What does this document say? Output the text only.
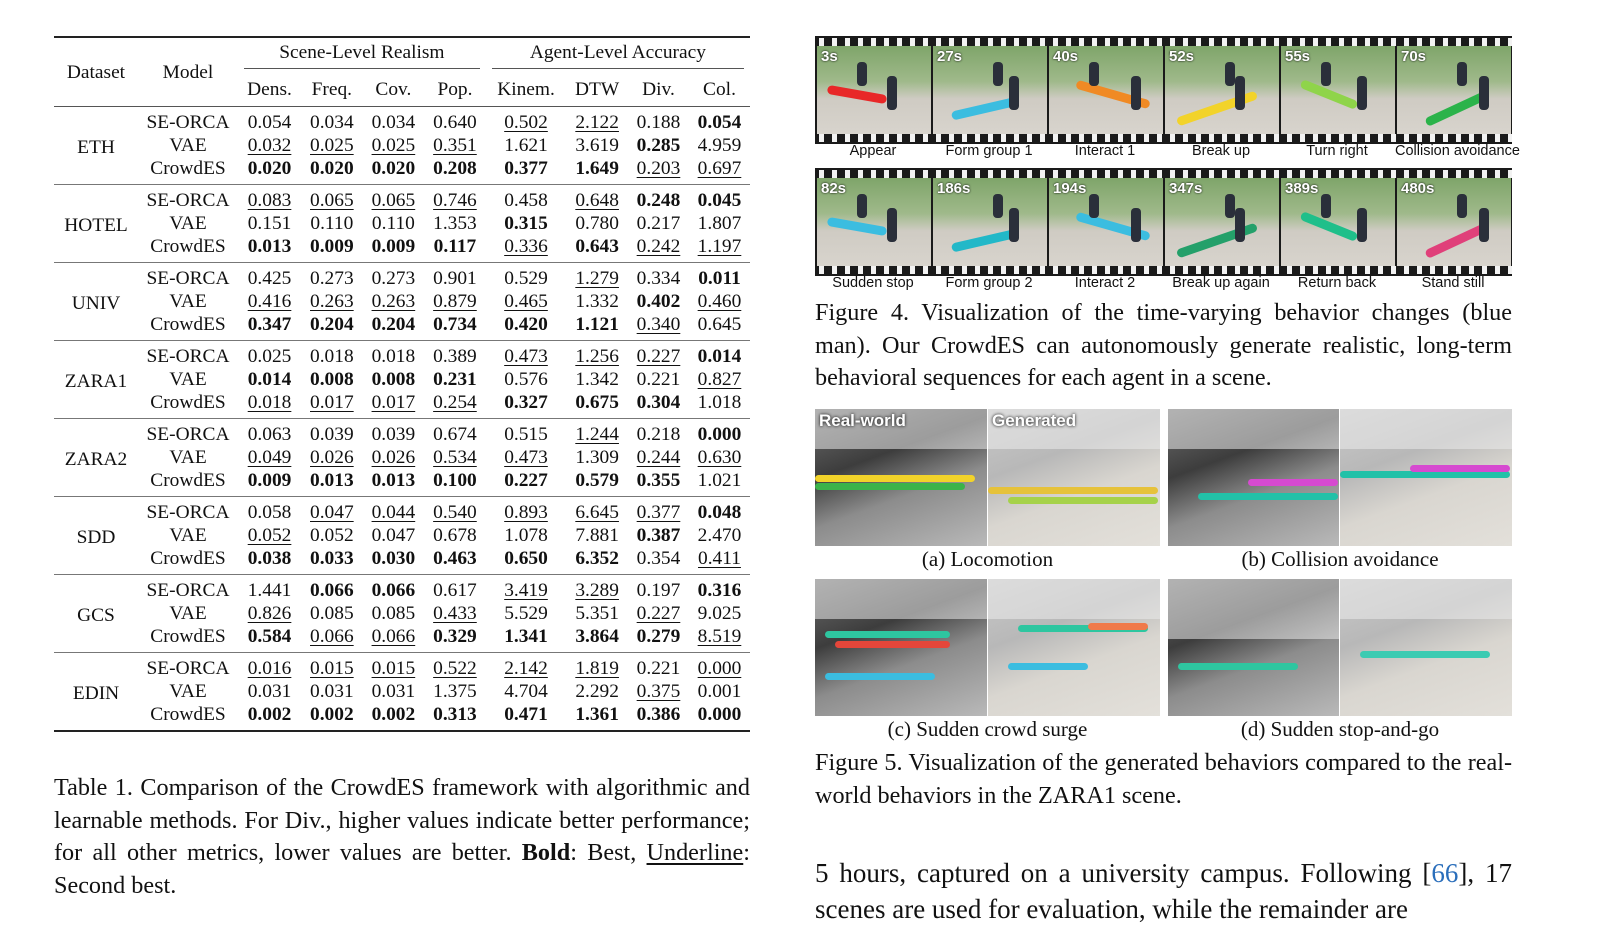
Dataset	Model	Scene-Level Realism				Agent-Level Accuracy			

		Dens.	Freq.	Cov.	Pop.	Kinem.	DTW	Div.	Col.
ETH	SE-ORCA	0.054	0.034	0.034	0.640	0.502	2.122	0.188	0.054
	VAE	0.032	0.025	0.025	0.351	1.621	3.619	0.285	4.959
	CrowdES	0.020	0.020	0.020	0.208	0.377	1.649	0.203	0.697
HOTEL	SE-ORCA	0.083	0.065	0.065	0.746	0.458	0.648	0.248	0.045
	VAE	0.151	0.110	0.110	1.353	0.315	0.780	0.217	1.807
	CrowdES	0.013	0.009	0.009	0.117	0.336	0.643	0.242	1.197
UNIV	SE-ORCA	0.425	0.273	0.273	0.901	0.529	1.279	0.334	0.011
	VAE	0.416	0.263	0.263	0.879	0.465	1.332	0.402	0.460
	CrowdES	0.347	0.204	0.204	0.734	0.420	1.121	0.340	0.645
ZARA1	SE-ORCA	0.025	0.018	0.018	0.389	0.473	1.256	0.227	0.014
	VAE	0.014	0.008	0.008	0.231	0.576	1.342	0.221	0.827
	CrowdES	0.018	0.017	0.017	0.254	0.327	0.675	0.304	1.018
ZARA2	SE-ORCA	0.063	0.039	0.039	0.674	0.515	1.244	0.218	0.000
	VAE	0.049	0.026	0.026	0.534	0.473	1.309	0.244	0.630
	CrowdES	0.009	0.013	0.013	0.100	0.227	0.579	0.355	1.021
SDD	SE-ORCA	0.058	0.047	0.044	0.540	0.893	6.645	0.377	0.048
	VAE	0.052	0.052	0.047	0.678	1.078	7.881	0.387	2.470
	CrowdES	0.038	0.033	0.030	0.463	0.650	6.352	0.354	0.411
GCS	SE-ORCA	1.441	0.066	0.066	0.617	3.419	3.289	0.197	0.316
	VAE	0.826	0.085	0.085	0.433	5.529	5.351	0.227	9.025
	CrowdES	0.584	0.066	0.066	0.329	1.341	3.864	0.279	8.519
EDIN	SE-ORCA	0.016	0.015	0.015	0.522	2.142	1.819	0.221	0.000
	VAE	0.031	0.031	0.031	1.375	4.704	2.292	0.375	0.001
	CrowdES	0.002	0.002	0.002	0.313	0.471	1.361	0.386	0.000
Table 1. Comparison of the CrowdES framework with algorithmic and learnable methods. For Div., higher values indicate better performance; for all other metrics, lower values are better. Bold: Best, Underline: Second best.
3s	27s	40s	52s	55s	70s
Appear	Form group 1	Interact 1	Break up	Turn right	Collision avoidance
82s	186s	194s	347s	389s	480s
Sudden stop	Form group 2	Interact 2	Break up again	Return back	Stand still
Figure 4. Visualization of the time-varying behavior changes (blue man). Our CrowdES can autonomously generate realistic, long-term behavioral sequences for each agent in a scene.
Real-world	Generated
(a) Locomotion	(b) Collision avoidance
(c) Sudden crowd surge	(d) Sudden stop-and-go
Figure 5. Visualization of the generated behaviors compared to the real-world behaviors in the ZARA1 scene.
5 hours, captured on a university campus. Following [66], 17 scenes are used for evaluation, while the remainder are
